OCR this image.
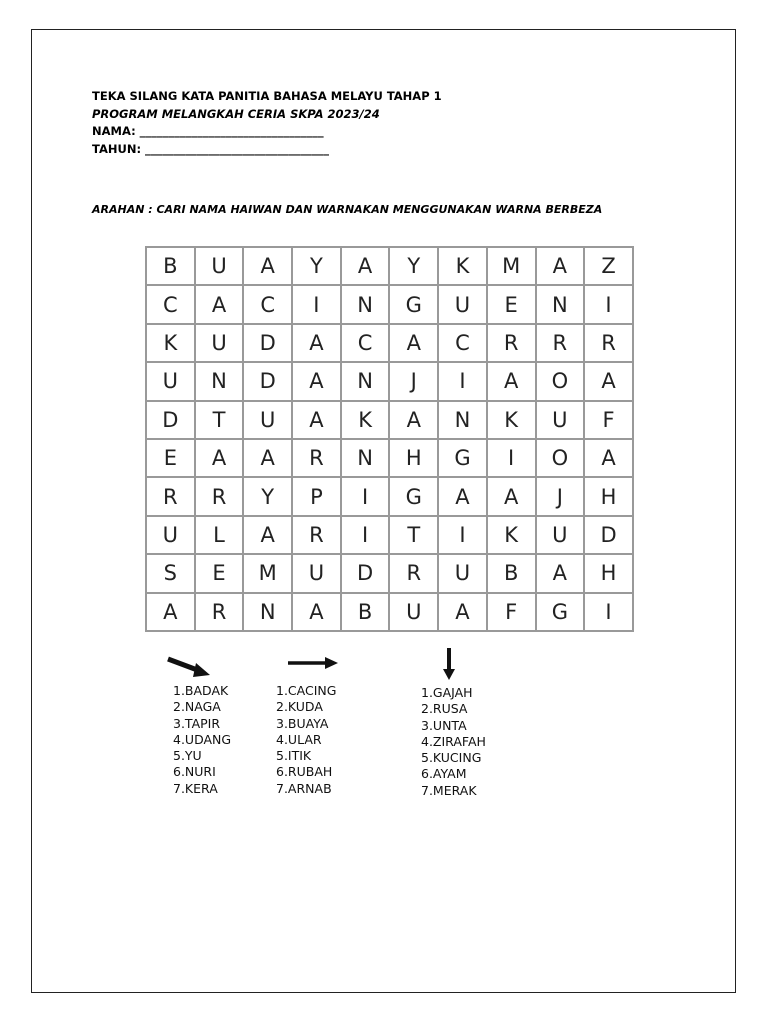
TEKA SILANG KATA PANITIA BAHASA MELAYU TAHAP 1
PROGRAM MELANGKAH CERIA SKPA 2023/24
NAMA: ________________________________
TAHUN: ________________________________
ARAHAN : CARI NAMA HAIWAN DAN WARNAKAN MENGGUNAKAN WARNA BERBEZA
B	U	A	Y	A	Y	K	M	A	Z
C	A	C	I	N	G	U	E	N	I
K	U	D	A	C	A	C	R	R	R
U	N	D	A	N	J	I	A	O	A
D	T	U	A	K	A	N	K	U	F
E	A	A	R	N	H	G	I	O	A
R	R	Y	P	I	G	A	A	J	H
U	L	A	R	I	T	I	K	U	D
S	E	M	U	D	R	U	B	A	H
A	R	N	A	B	U	A	F	G	I
1.BADAK
2.NAGA
3.TAPIR
4.UDANG
5.YU
6.NURI
7.KERA
1.CACING
2.KUDA
3.BUAYA
4.ULAR
5.ITIK
6.RUBAH
7.ARNAB
1.GAJAH
2.RUSA
3.UNTA
4.ZIRAFAH
5.KUCING
6.AYAM
7.MERAK
